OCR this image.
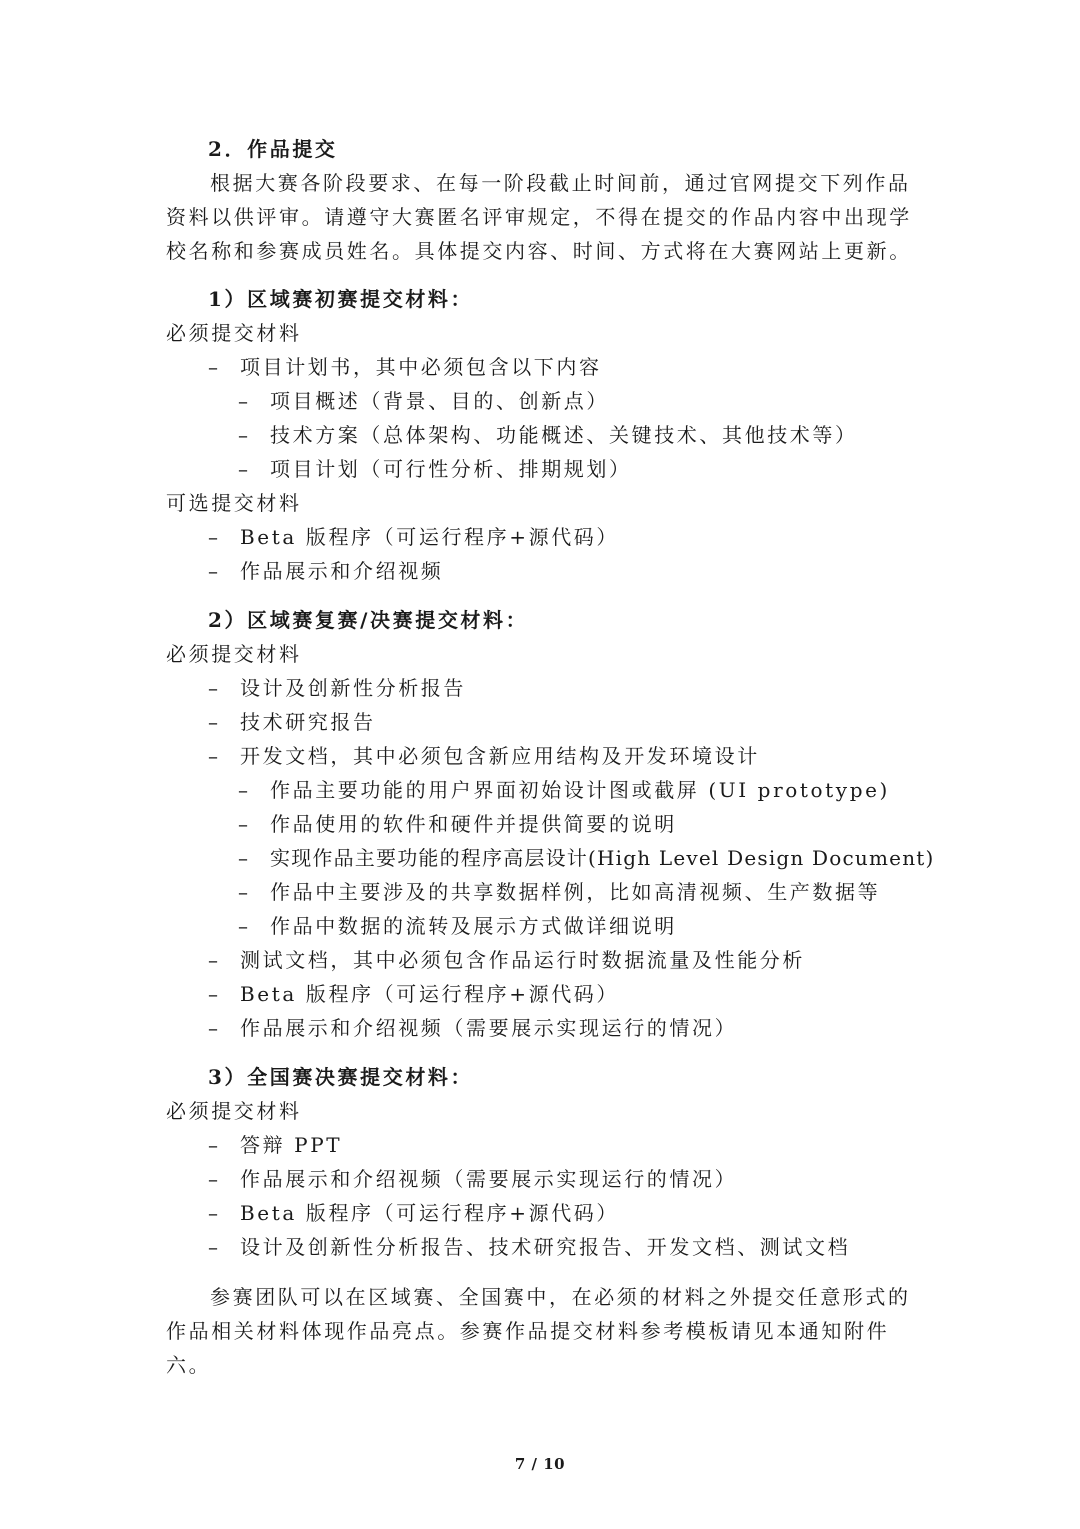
2．作品提交
根据大赛各阶段要求、在每一阶段截止时间前，通过官网提交下列作品资料以供评审。请遵守大赛匿名评审规定，不得在提交的作品内容中出现学校名称和参赛成员姓名。具体提交内容、时间、方式将在大赛网站上更新。
1）区域赛初赛提交材料：
必须提交材料
– 项目计划书，其中必须包含以下内容
– 项目概述（背景、目的、创新点）
– 技术方案（总体架构、功能概述、关键技术、其他技术等）
– 项目计划（可行性分析、排期规划）
可选提交材料
– Beta 版程序（可运行程序+源代码）
– 作品展示和介绍视频
2）区域赛复赛/决赛提交材料：
必须提交材料
– 设计及创新性分析报告
– 技术研究报告
– 开发文档，其中必须包含新应用结构及开发环境设计
– 作品主要功能的用户界面初始设计图或截屏 (UI prototype)
– 作品使用的软件和硬件并提供简要的说明
– 实现作品主要功能的程序高层设计(High Level Design Document)
– 作品中主要涉及的共享数据样例，比如高清视频、生产数据等
– 作品中数据的流转及展示方式做详细说明
– 测试文档，其中必须包含作品运行时数据流量及性能分析
– Beta 版程序（可运行程序+源代码）
– 作品展示和介绍视频（需要展示实现运行的情况）
3）全国赛决赛提交材料：
必须提交材料
– 答辩 PPT
– 作品展示和介绍视频（需要展示实现运行的情况）
– Beta 版程序（可运行程序+源代码）
– 设计及创新性分析报告、技术研究报告、开发文档、测试文档
参赛团队可以在区域赛、全国赛中，在必须的材料之外提交任意形式的作品相关材料体现作品亮点。参赛作品提交材料参考模板请见本通知附件六。
7 / 10
